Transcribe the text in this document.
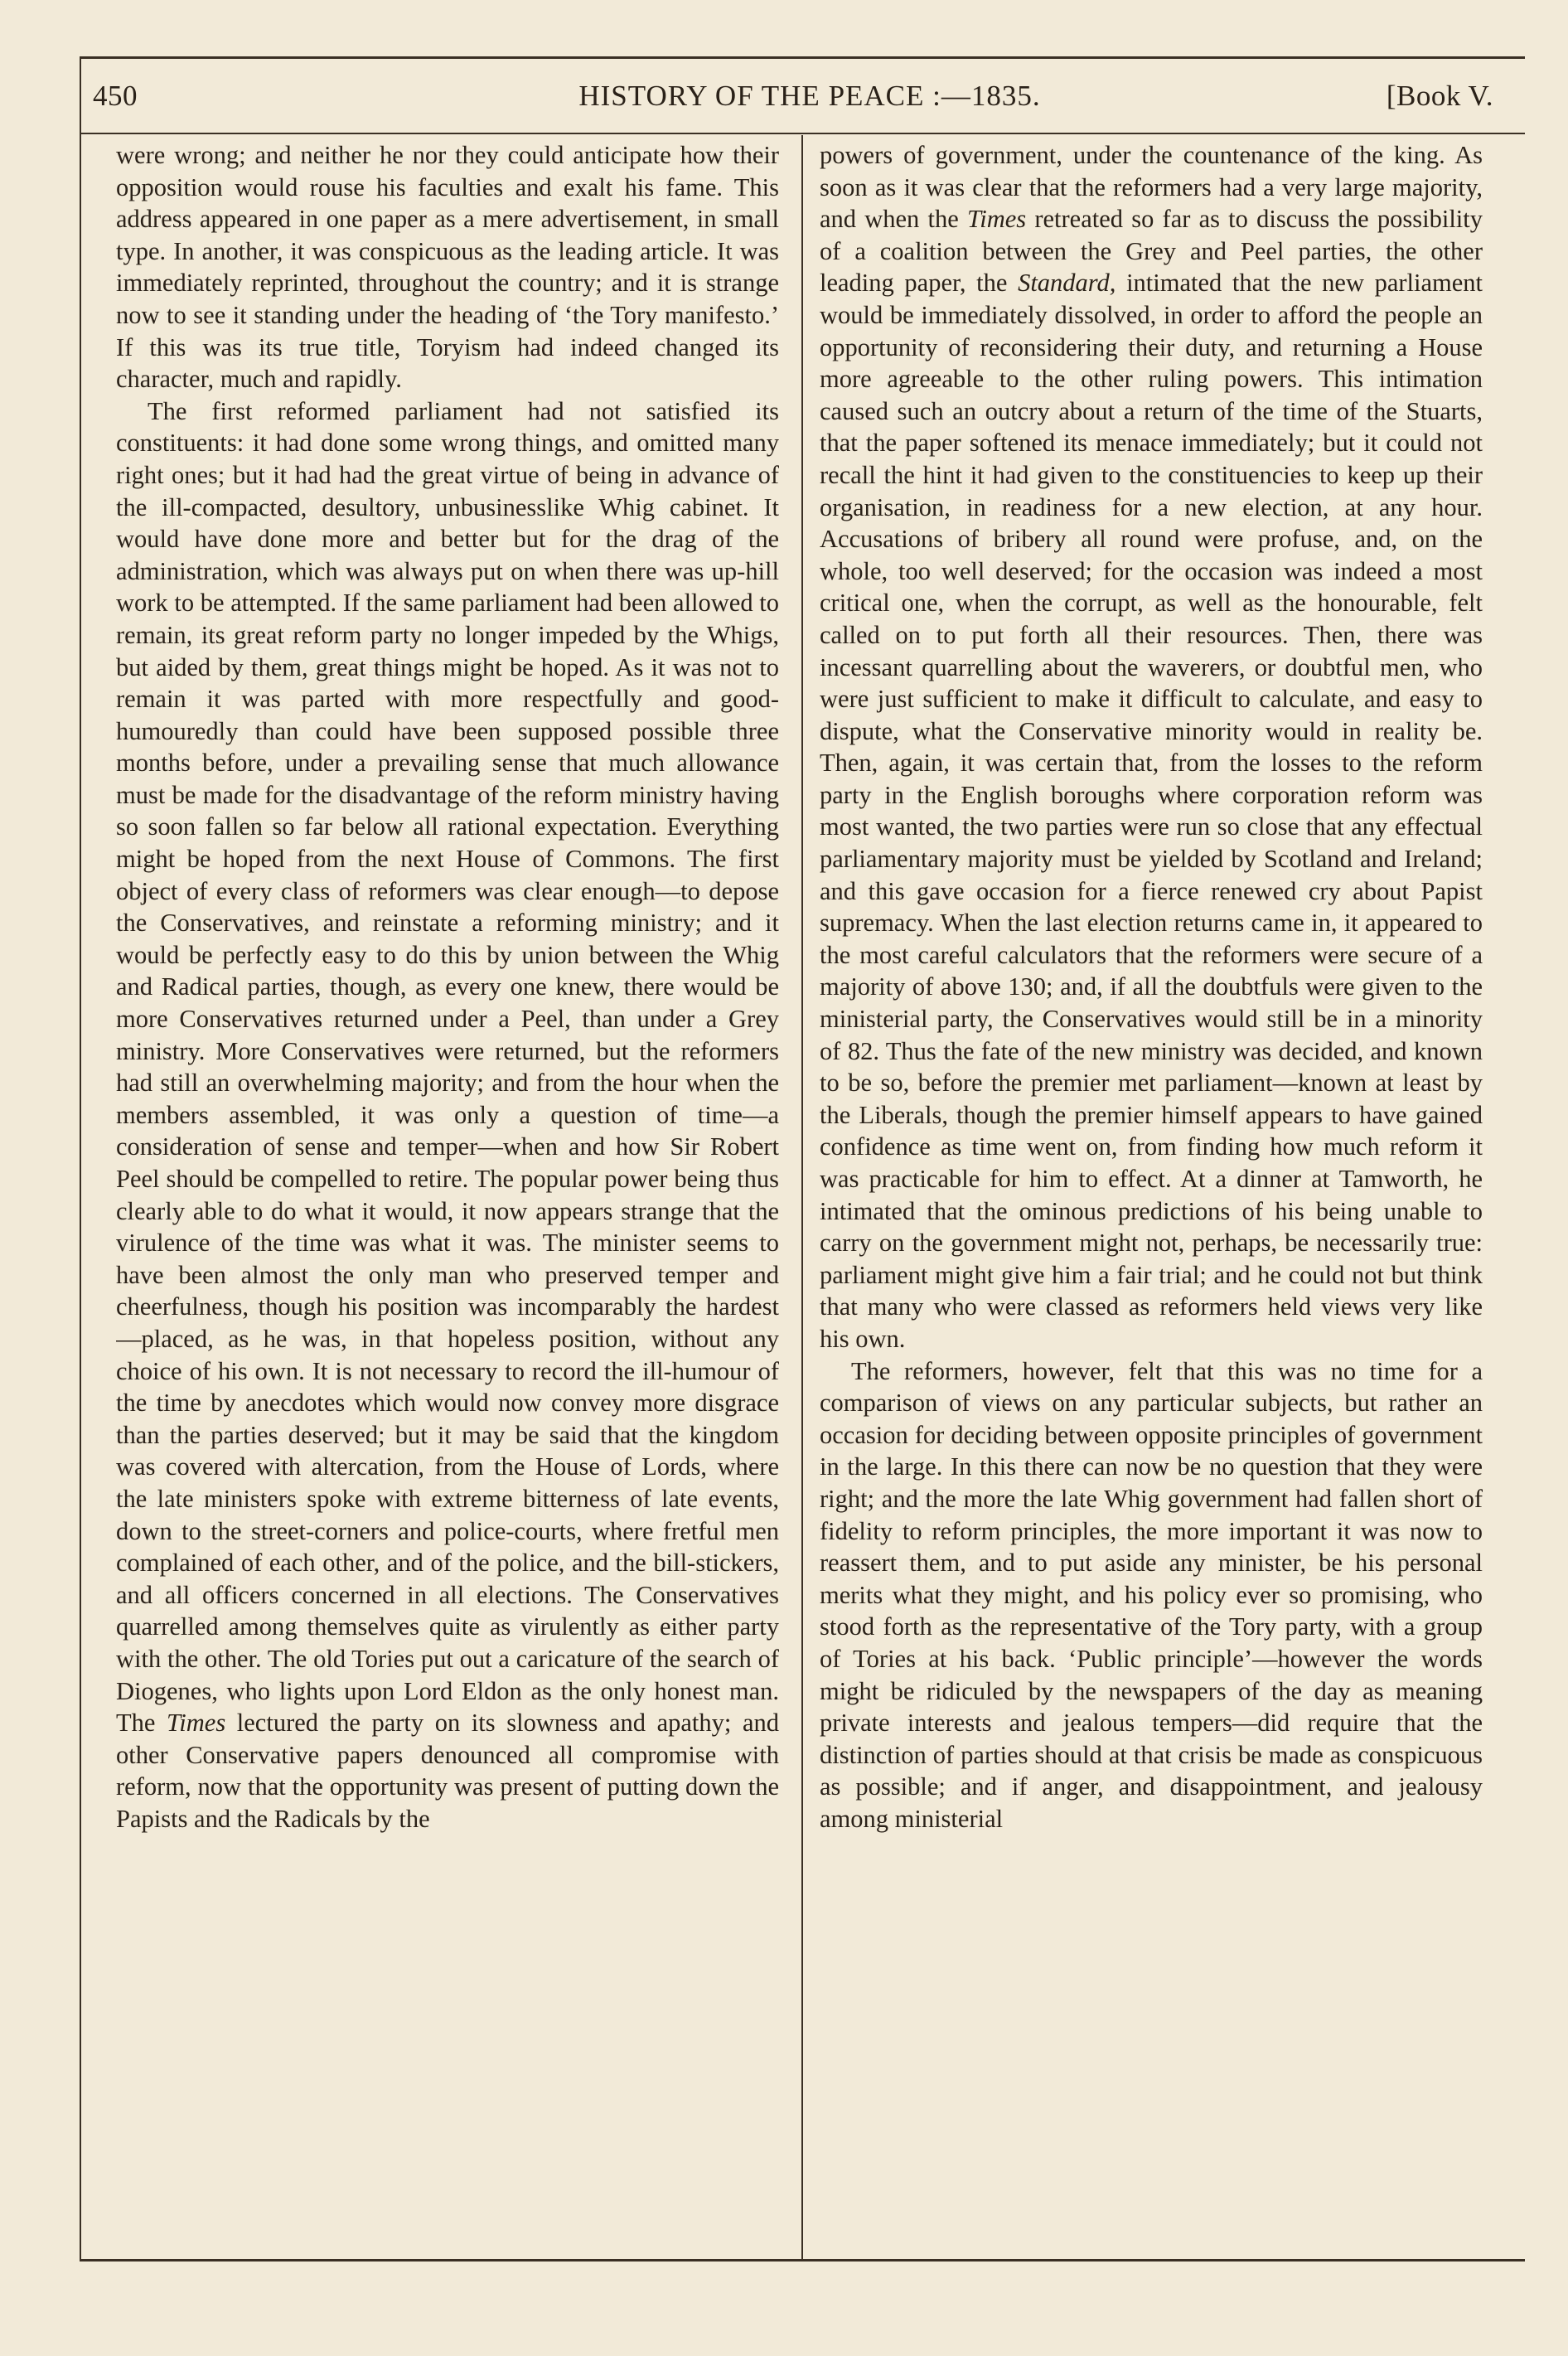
450	HISTORY OF THE PEACE :—1835.	[Book V.

were wrong; and neither he nor they could anticipate how their opposition would rouse his faculties and exalt his fame. This address appeared in one paper as a mere advertisement, in small type. In another, it was conspicuous as the leading article. It was immediately reprinted, throughout the country; and it is strange now to see it standing under the heading of ‘the Tory manifesto.’ If this was its true title, Toryism had indeed changed its character, much and rapidly.

The first reformed parliament had not satisfied its constituents: it had done some wrong things, and omitted many right ones; but it had had the great virtue of being in advance of the ill-compacted, desultory, unbusinesslike Whig cabinet. It would have done more and better but for the drag of the administration, which was always put on when there was up-hill work to be attempted. If the same parliament had been allowed to remain, its great reform party no longer impeded by the Whigs, but aided by them, great things might be hoped. As it was not to remain it was parted with more respectfully and good-humouredly than could have been supposed possible three months before, under a prevailing sense that much allowance must be made for the disadvantage of the reform ministry having so soon fallen so far below all rational expectation. Everything might be hoped from the next House of Commons. The first object of every class of reformers was clear enough—to depose the Conservatives, and reinstate a reforming ministry; and it would be perfectly easy to do this by union between the Whig and Radical parties, though, as every one knew, there would be more Conservatives returned under a Peel, than under a Grey ministry. More Conservatives were returned, but the reformers had still an overwhelming majority; and from the hour when the members assembled, it was only a question of time—a consideration of sense and temper—when and how Sir Robert Peel should be compelled to retire. The popular power being thus clearly able to do what it would, it now appears strange that the virulence of the time was what it was. The minister seems to have been almost the only man who preserved temper and cheerfulness, though his position was incomparably the hardest—placed, as he was, in that hopeless position, without any choice of his own. It is not necessary to record the ill-humour of the time by anecdotes which would now convey more disgrace than the parties deserved; but it may be said that the kingdom was covered with altercation, from the House of Lords, where the late ministers spoke with extreme bitterness of late events, down to the street-corners and police-courts, where fretful men complained of each other, and of the police, and the bill-stickers, and all officers concerned in all elections. The Conservatives quarrelled among themselves quite as virulently as either party with the other. The old Tories put out a caricature of the search of Diogenes, who lights upon Lord Eldon as the only honest man. The Times lectured the party on its slowness and apathy; and other Conservative papers denounced all compromise with reform, now that the opportunity was present of putting down the Papists and the Radicals by the

powers of government, under the countenance of the king. As soon as it was clear that the reformers had a very large majority, and when the Times retreated so far as to discuss the possibility of a coalition between the Grey and Peel parties, the other leading paper, the Standard, intimated that the new parliament would be immediately dissolved, in order to afford the people an opportunity of reconsidering their duty, and returning a House more agreeable to the other ruling powers. This intimation caused such an outcry about a return of the time of the Stuarts, that the paper softened its menace immediately; but it could not recall the hint it had given to the constituencies to keep up their organisation, in readiness for a new election, at any hour. Accusations of bribery all round were profuse, and, on the whole, too well deserved; for the occasion was indeed a most critical one, when the corrupt, as well as the honourable, felt called on to put forth all their resources. Then, there was incessant quarrelling about the waverers, or doubtful men, who were just sufficient to make it difficult to calculate, and easy to dispute, what the Conservative minority would in reality be. Then, again, it was certain that, from the losses to the reform party in the English boroughs where corporation reform was most wanted, the two parties were run so close that any effectual parliamentary majority must be yielded by Scotland and Ireland; and this gave occasion for a fierce renewed cry about Papist supremacy. When the last election returns came in, it appeared to the most careful calculators that the reformers were secure of a majority of above 130; and, if all the doubtfuls were given to the ministerial party, the Conservatives would still be in a minority of 82. Thus the fate of the new ministry was decided, and known to be so, before the premier met parliament—known at least by the Liberals, though the premier himself appears to have gained confidence as time went on, from finding how much reform it was practicable for him to effect. At a dinner at Tamworth, he intimated that the ominous predictions of his being unable to carry on the government might not, perhaps, be necessarily true: parliament might give him a fair trial; and he could not but think that many who were classed as reformers held views very like his own.

The reformers, however, felt that this was no time for a comparison of views on any particular subjects, but rather an occasion for deciding between opposite principles of government in the large. In this there can now be no question that they were right; and the more the late Whig government had fallen short of fidelity to reform principles, the more important it was now to reassert them, and to put aside any minister, be his personal merits what they might, and his policy ever so promising, who stood forth as the representative of the Tory party, with a group of Tories at his back. ‘Public principle’—however the words might be ridiculed by the newspapers of the day as meaning private interests and jealous tempers—did require that the distinction of parties should at that crisis be made as conspicuous as possible; and if anger, and disappointment, and jealousy among ministerial
